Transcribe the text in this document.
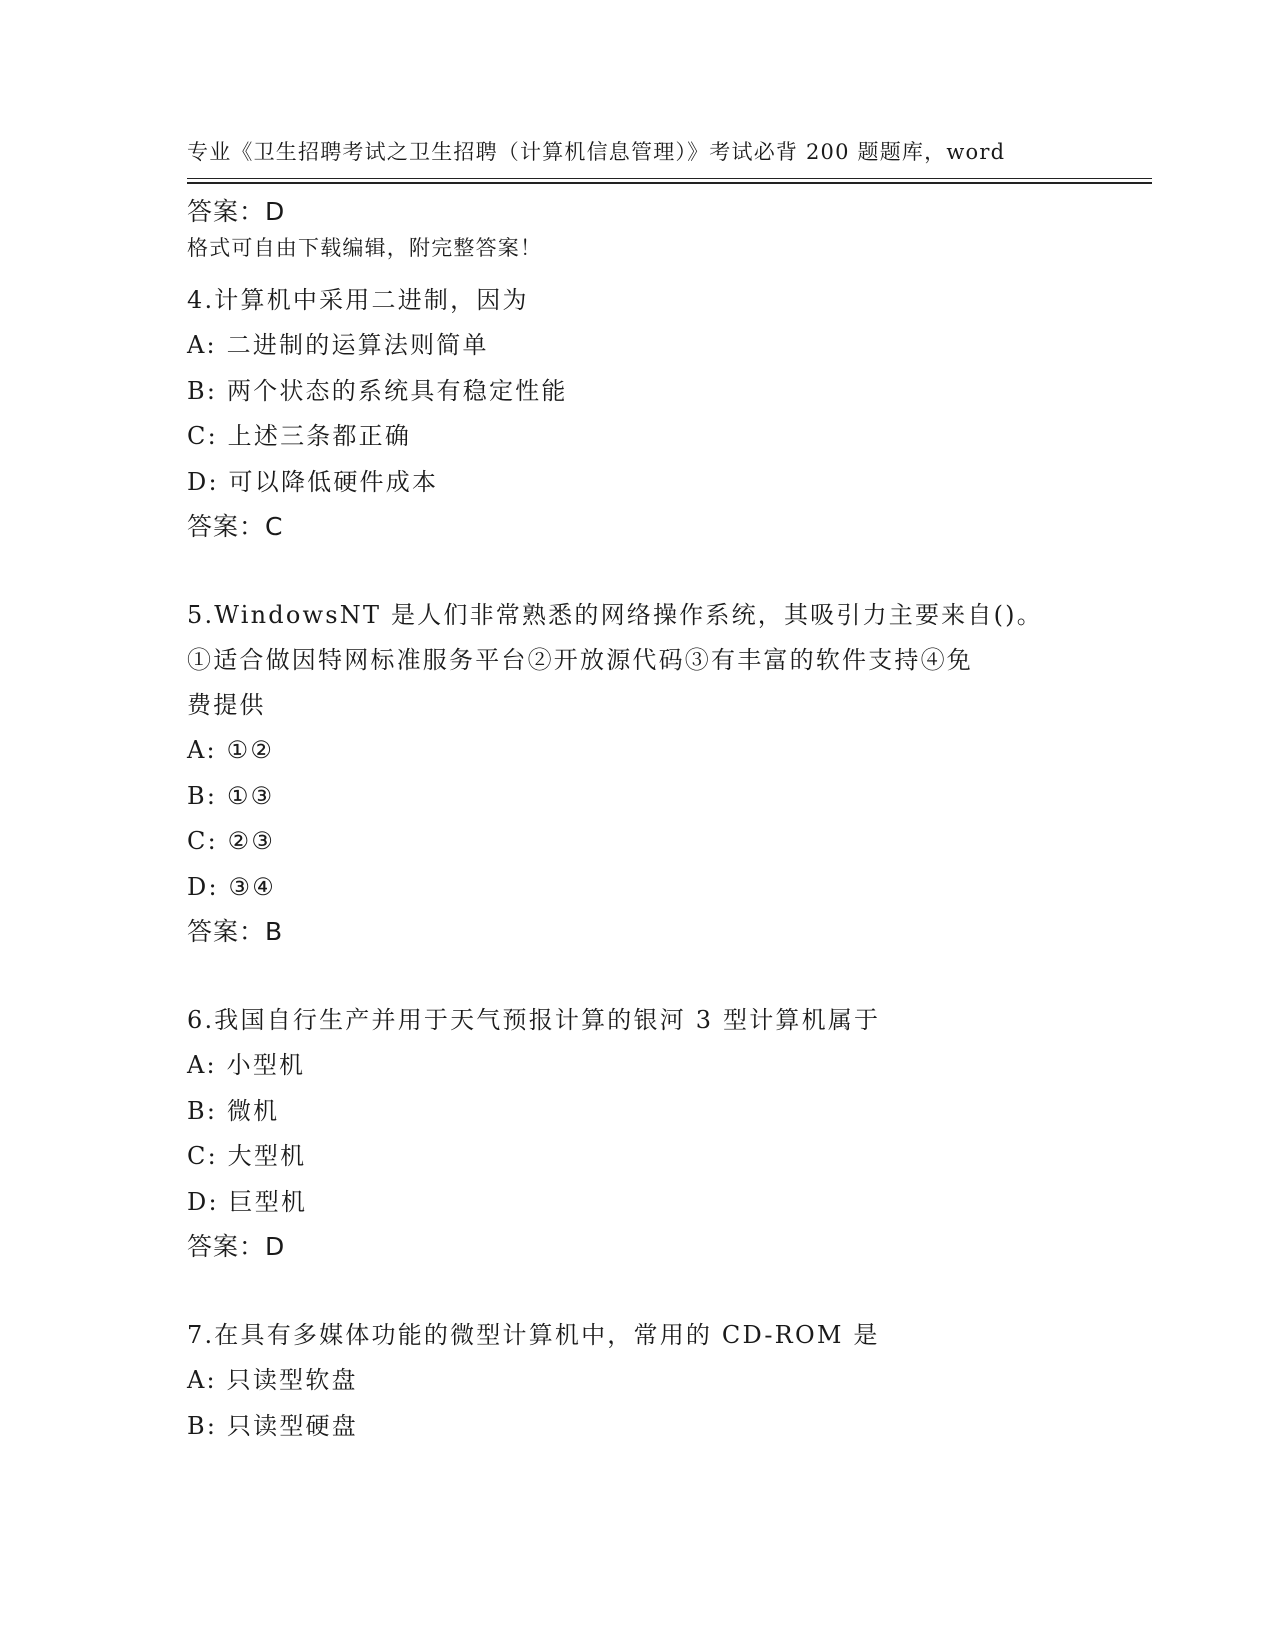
专业《卫生招聘考试之卫生招聘（计算机信息管理）》考试必背 200 题题库，word

格式可自由下载编辑，附完整答案！

答案：D
4.计算机中采用二进制，因为
A: 二进制的运算法则简单
B: 两个状态的系统具有稳定性能
C: 上述三条都正确
D: 可以降低硬件成本
答案：C
5.WindowsNT 是人们非常熟悉的网络操作系统，其吸引力主要来自()。
①适合做因特网标准服务平台②开放源代码③有丰富的软件支持④免
费提供
A: ①②
B: ①③
C: ②③
D: ③④
答案：B
6.我国自行生产并用于天气预报计算的银河 3 型计算机属于
A: 小型机
B: 微机
C: 大型机
D: 巨型机
答案：D
7.在具有多媒体功能的微型计算机中，常用的 CD-ROM 是
A: 只读型软盘
B: 只读型硬盘
